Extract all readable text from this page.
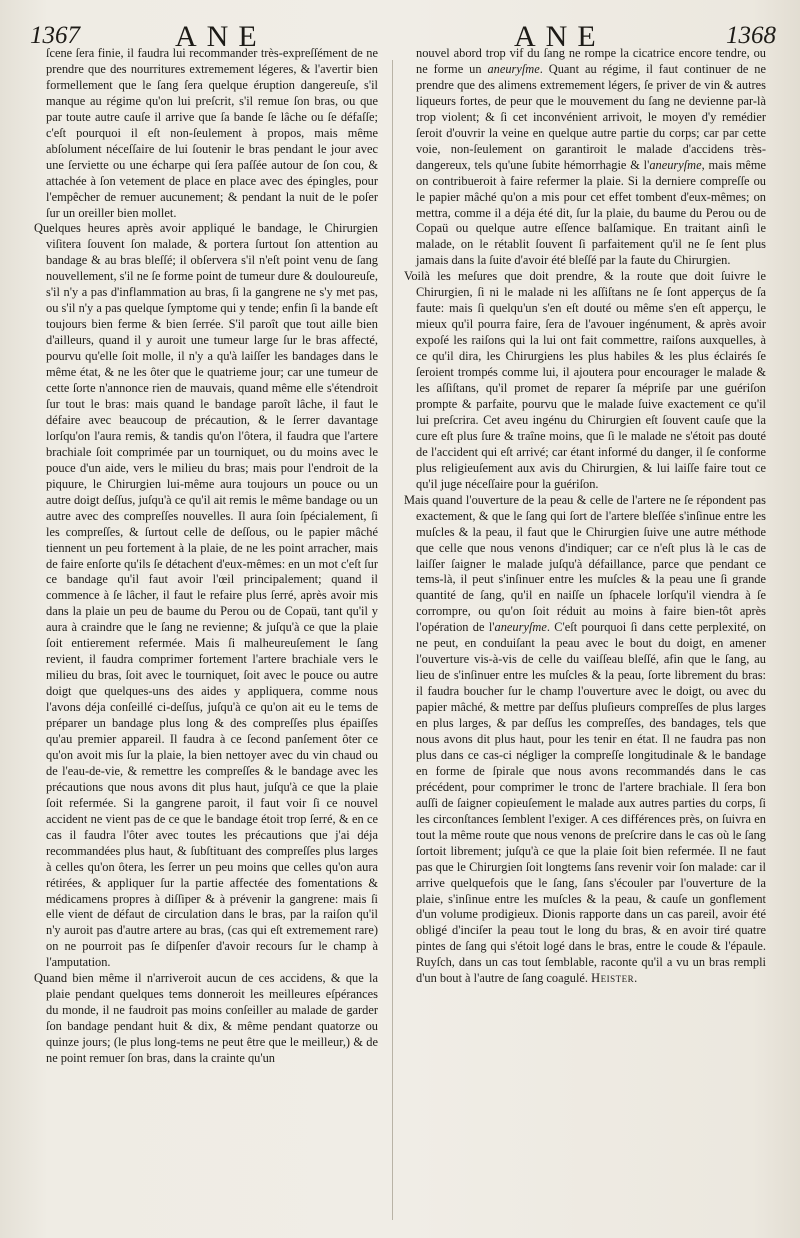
1367	ANE	ANE	1368

ſcene ſera finie, il faudra lui recommander très-expreſſément de ne prendre que des nourritures extremement légeres, & l'avertir bien formellement que le ſang ſera quelque éruption dangereuſe, s'il manque au régime qu'on lui preſcrit, s'il remue ſon bras, ou que par toute autre cauſe il arrive que ſa bande ſe lâche ou ſe défaſſe; c'eſt pourquoi il eſt non-ſeulement à propos, mais même abſolument néceſſaire de lui ſoutenir le bras pendant le jour avec une ſerviette ou une écharpe qui ſera paſſée autour de ſon cou, & attachée à ſon vetement de place en place avec des épingles, pour l'empêcher de remuer aucunement; & pendant la nuit de le poſer ſur un oreiller bien mollet.

Quelques heures après avoir appliqué le bandage, le Chirurgien viſitera ſouvent ſon malade, & portera ſurtout ſon attention au bandage & au bras bleſſé; il obſervera s'il n'eſt point venu de ſang nouvellement, s'il ne ſe forme point de tumeur dure & douloureuſe, s'il n'y a pas d'inflammation au bras, ſi la gangrene ne s'y met pas, ou s'il n'y a pas quelque ſymptome qui y tende; enfin ſi la bande eſt toujours bien ferme & bien ſerrée. S'il paroît que tout aille bien d'ailleurs, quand il y auroit une tumeur large ſur le bras affecté, pourvu qu'elle ſoit molle, il n'y a qu'à laiſſer les bandages dans le même état, & ne les ôter que le quatrieme jour; car une tumeur de cette ſorte n'annonce rien de mauvais, quand même elle s'étendroit ſur tout le bras: mais quand le bandage paroît lâche, il faut le défaire avec beaucoup de précaution, & le ſerrer davantage lorſqu'on l'aura remis, & tandis qu'on l'ôtera, il faudra que l'artere brachiale ſoit comprimée par un tourniquet, ou du moins avec le pouce d'un aide, vers le milieu du bras; mais pour l'endroit de la piquure, le Chirurgien lui-même aura toujours un pouce ou un autre doigt deſſus, juſqu'à ce qu'il ait remis le même bandage ou un autre avec des compreſſes nouvelles. Il aura ſoin ſpécialement, ſi les compreſſes, & ſurtout celle de deſſous, ou le papier mâché tiennent un peu fortement à la plaie, de ne les point arracher, mais de faire enſorte qu'ils ſe détachent d'eux-mêmes: en un mot c'eſt ſur ce bandage qu'il faut avoir l'œil principalement; quand il commence à ſe lâcher, il faut le refaire plus ſerré, après avoir mis dans la plaie un peu de baume du Perou ou de Copaü, tant qu'il y aura à craindre que le ſang ne revienne; & juſqu'à ce que la plaie ſoit entierement refermée. Mais ſi malheureuſement le ſang revient, il faudra comprimer fortement l'artere brachiale vers le milieu du bras, ſoit avec le tourniquet, ſoit avec le pouce ou autre doigt que quelques-uns des aides y appliquera, comme nous l'avons déja conſeillé ci-deſſus, juſqu'à ce qu'on ait eu le tems de préparer un bandage plus long & des compreſſes plus épaiſſes qu'au premier appareil. Il faudra à ce ſecond panſement ôter ce qu'on avoit mis ſur la plaie, la bien nettoyer avec du vin chaud ou de l'eau-de-vie, & remettre les compreſſes & le bandage avec les précautions que nous avons dit plus haut, juſqu'à ce que la plaie ſoit refermée. Si la gangrene paroit, il faut voir ſi ce nouvel accident ne vient pas de ce que le bandage étoit trop ſerré, & en ce cas il faudra l'ôter avec toutes les précautions que j'ai déja recommandées plus haut, & ſubſtituant des compreſſes plus larges à celles qu'on ôtera, les ſerrer un peu moins que celles qu'on aura rétirées, & appliquer ſur la partie affectée des fomentations & médicamens propres à diſſiper & à prévenir la gangrene: mais ſi elle vient de défaut de circulation dans le bras, par la raiſon qu'il n'y auroit pas d'autre artere au bras, (cas qui eſt extremement rare) on ne pourroit pas ſe diſpenſer d'avoir recours ſur le champ à l'amputation.

Quand bien même il n'arriveroit aucun de ces accidens, & que la plaie pendant quelques tems donneroit les meilleures eſpérances du monde, il ne faudroit pas moins conſeiller au malade de garder ſon bandage pendant huit & dix, & même pendant quatorze ou quinze jours; (le plus long-tems ne peut être que le meilleur,) & de ne point remuer ſon bras, dans la crainte qu'un

nouvel abord trop vif du ſang ne rompe la cicatrice encore tendre, ou ne forme un aneuryſme. Quant au régime, il faut continuer de ne prendre que des alimens extremement légers, ſe priver de vin & autres liqueurs fortes, de peur que le mouvement du ſang ne devienne par-là trop violent; & ſi cet inconvénient arrivoit, le moyen d'y remédier ſeroit d'ouvrir la veine en quelque autre partie du corps; car par cette voie, non-ſeulement on garantiroit le malade d'accidens très-dangereux, tels qu'une ſubite hémorrhagie & l'aneuryſme, mais même on contribueroit à faire refermer la plaie. Si la derniere compreſſe ou le papier mâché qu'on a mis pour cet effet tombent d'eux-mêmes; on mettra, comme il a déja été dit, ſur la plaie, du baume du Perou ou de Copaü ou quelque autre eſſence balſamique. En traitant ainſi le malade, on le rétablit ſouvent ſi parfaitement qu'il ne ſe ſent plus jamais dans la ſuite d'avoir été bleſſé par la faute du Chirurgien.

Voilà les meſures que doit prendre, & la route que doit ſuivre le Chirurgien, ſi ni le malade ni les aſſiſtans ne ſe ſont apperçus de ſa faute: mais ſi quelqu'un s'en eſt douté ou même s'en eſt apperçu, le mieux qu'il pourra faire, ſera de l'avouer ingénument, & après avoir expoſé les raiſons qui la lui ont fait commettre, raiſons auxquelles, à ce qu'il dira, les Chirurgiens les plus habiles & les plus éclairés ſe ſeroient trompés comme lui, il ajoutera pour encourager le malade & les aſſiſtans, qu'il promet de reparer ſa mépriſe par une guériſon prompte & parfaite, pourvu que le malade ſuive exactement ce qu'il lui preſcrira. Cet aveu ingénu du Chirurgien eſt ſouvent cauſe que la cure eſt plus ſure & traîne moins, que ſi le malade ne s'étoit pas douté de l'accident qui eſt arrivé; car étant informé du danger, il ſe conforme plus religieuſement aux avis du Chirurgien, & lui laiſſe faire tout ce qu'il juge néceſſaire pour la guériſon.

Mais quand l'ouverture de la peau & celle de l'artere ne ſe répondent pas exactement, & que le ſang qui ſort de l'artere bleſſée s'inſinue entre les muſcles & la peau, il faut que le Chirurgien ſuive une autre méthode que celle que nous venons d'indiquer; car ce n'eſt plus là le cas de laiſſer ſaigner le malade juſqu'à défaillance, parce que pendant ce tems-là, il peut s'inſinuer entre les muſcles & la peau une ſi grande quantité de ſang, qu'il en naiſſe un ſphacele lorſqu'il viendra à ſe corrompre, ou qu'on ſoit réduit au moins à faire bien-tôt après l'opération de l'aneuryſme. C'eſt pourquoi ſi dans cette perplexité, on ne peut, en conduiſant la peau avec le bout du doigt, en amener l'ouverture vis-à-vis de celle du vaiſſeau bleſſé, afin que le ſang, au lieu de s'inſinuer entre les muſcles & la peau, ſorte librement du bras: il faudra boucher ſur le champ l'ouverture avec le doigt, ou avec du papier mâché, & mettre par deſſus pluſieurs compreſſes de plus larges en plus larges, & par deſſus les compreſſes, des bandages, tels que nous avons dit plus haut, pour les tenir en état. Il ne faudra pas non plus dans ce cas-ci négliger la compreſſe longitudinale & le bandage en forme de ſpirale que nous avons recommandés dans le cas précédent, pour comprimer le tronc de l'artere brachiale. Il ſera bon auſſi de ſaigner copieuſement le malade aux autres parties du corps, ſi les circonſtances ſemblent l'exiger. A ces différences près, on ſuivra en tout la même route que nous venons de preſcrire dans le cas où le ſang ſortoit librement; juſqu'à ce que la plaie ſoit bien refermée. Il ne faut pas que le Chirurgien ſoit longtems ſans revenir voir ſon malade: car il arrive quelquefois que le ſang, ſans s'écouler par l'ouverture de la plaie, s'inſinue entre les muſcles & la peau, & cauſe un gonflement d'un volume prodigieux. Dionis rapporte dans un cas pareil, avoir été obligé d'inciſer la peau tout le long du bras, & en avoir tiré quatre pintes de ſang qui s'étoit logé dans le bras, entre le coude & l'épaule. Ruyſch, dans un cas tout ſemblable, raconte qu'il a vu un bras rempli d'un bout à l'autre de ſang coagulé. Heister.
